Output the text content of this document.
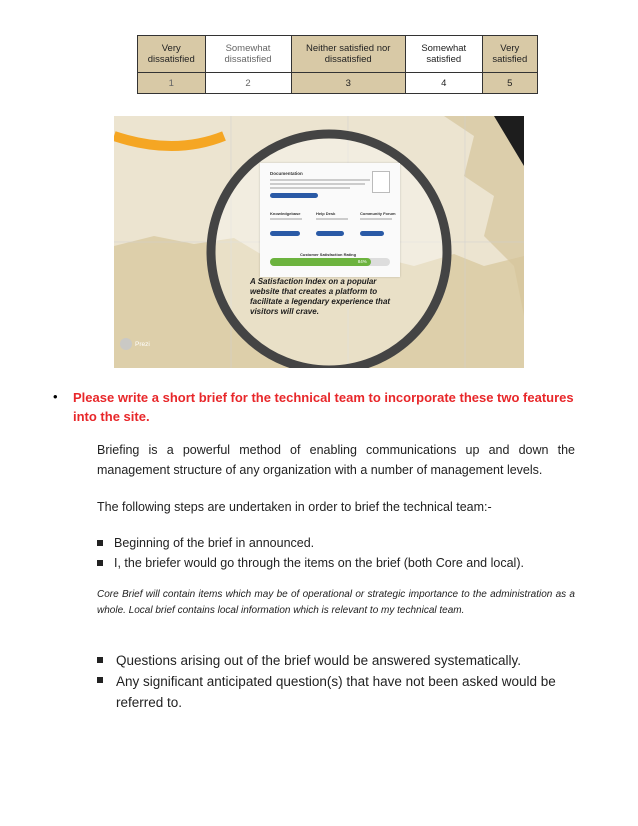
Very dissatisfied	Somewhat dissatisfied	Neither satisfied nor dissatisfied	Somewhat satisfied	Very satisfied
1	2	3	4	5
Documentation
Knowledgebase	Help Desk	Community Forum
Customer Satisfaction Rating
84%
A Satisfaction Index on a popular website that creates a platform to facilitate a legendary experience that visitors will crave.
Prezi
• Please write a short brief for the technical team to incorporate these two features into the site.
Briefing is a powerful method of enabling communications up and down the management structure of any organization with a number of management levels.
The following steps are undertaken in order to brief the technical team:-
Beginning of the brief in announced.
I, the briefer would go through the items on the brief (both Core and local).
Core Brief will contain items which may be of operational or strategic importance to the administration as a whole. Local brief contains local information which is relevant to my technical team.
Questions arising out of the brief would be answered systematically.
Any significant anticipated question(s) that have not been asked would be referred to.
